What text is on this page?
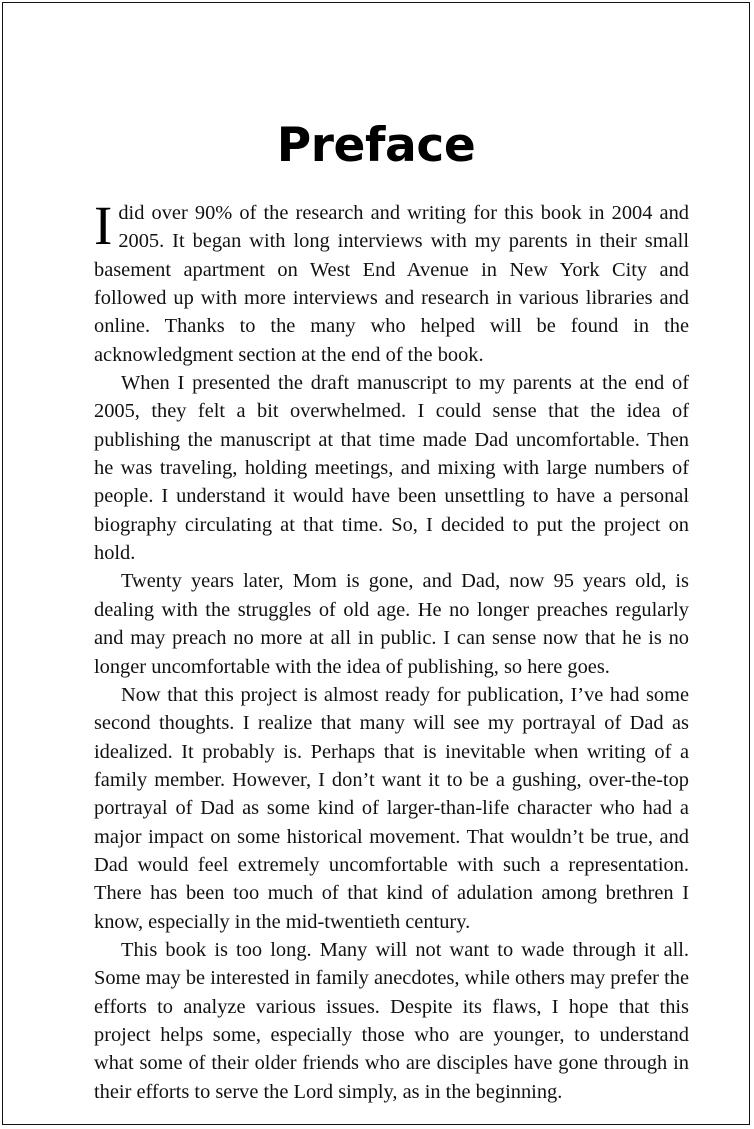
Preface

Idid over 90% of the research and writing for this book in 2004 and 2005. It began with long interviews with my parents in their small basement apartment on West End Avenue in New York City and followed up with more interviews and research in various libraries and online. Thanks to the many who helped will be found in the acknowledgment section at the end of the book.

When I presented the draft manuscript to my parents at the end of 2005, they felt a bit overwhelmed. I could sense that the idea of publishing the manuscript at that time made Dad uncomfortable. Then he was traveling, holding meetings, and mixing with large numbers of people. I understand it would have been unsettling to have a personal biography circulating at that time. So, I decided to put the project on hold.

Twenty years later, Mom is gone, and Dad, now 95 years old, is dealing with the struggles of old age. He no longer preaches regularly and may preach no more at all in public. I can sense now that he is no longer uncomfortable with the idea of publishing, so here goes.

Now that this project is almost ready for publication, I’ve had some second thoughts. I realize that many will see my portrayal of Dad as idealized. It probably is. Perhaps that is inevitable when writing of a family member. However, I don’t want it to be a gushing, over-the-top portrayal of Dad as some kind of larger-than-life character who had a major impact on some historical movement. That wouldn’t be true, and Dad would feel extremely uncomfortable with such a representation. There has been too much of that kind of adulation among brethren I know, especially in the mid-twentieth century.

This book is too long. Many will not want to wade through it all. Some may be interested in family anecdotes, while others may prefer the efforts to analyze various issues. Despite its flaws, I hope that this project helps some, especially those who are younger, to understand what some of their older friends who are disciples have gone through in their efforts to serve the Lord simply, as in the beginning.
